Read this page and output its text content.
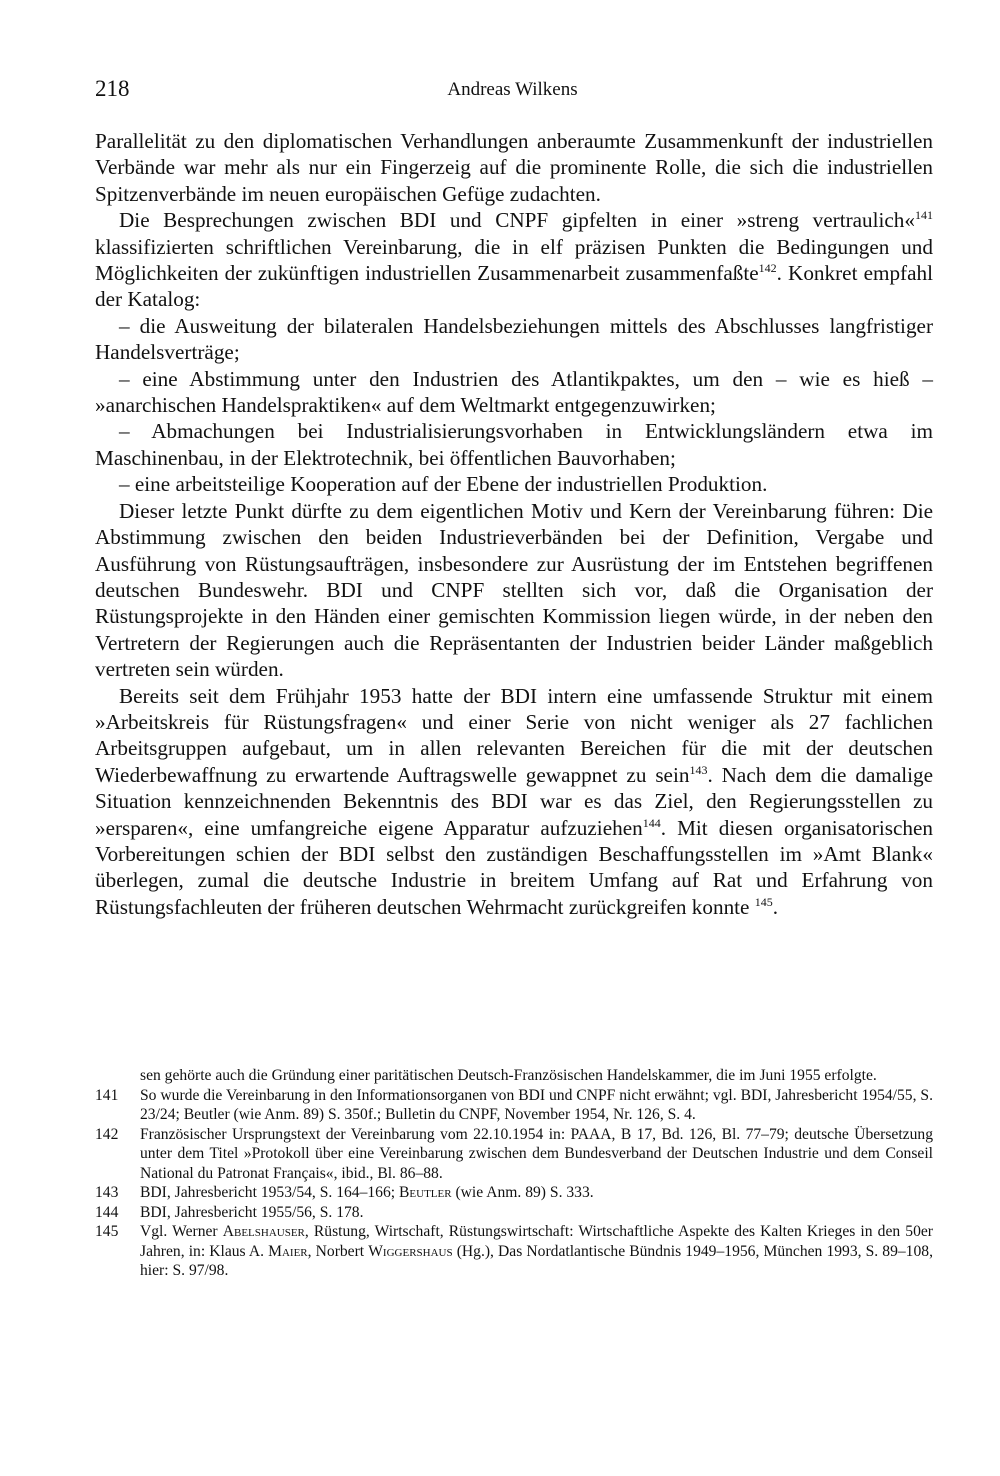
218	Andreas Wilkens

Parallelität zu den diplomatischen Verhandlungen anberaumte Zusammenkunft der industriellen Verbände war mehr als nur ein Fingerzeig auf die prominente Rolle, die sich die industriellen Spitzenverbände im neuen europäischen Gefüge zudachten.

Die Besprechungen zwischen BDI und CNPF gipfelten in einer »streng vertraulich«$^{141}$ klassifizierten schriftlichen Vereinbarung, die in elf präzisen Punkten die Bedingungen und Möglichkeiten der zukünftigen industriellen Zusammenarbeit zusammenfaßte$^{142}$. Konkret empfahl der Katalog:

– die Ausweitung der bilateralen Handelsbeziehungen mittels des Abschlusses langfristiger Handelsverträge;

– eine Abstimmung unter den Industrien des Atlantikpaktes, um den – wie es hieß – »anarchischen Handelspraktiken« auf dem Weltmarkt entgegenzuwirken;

– Abmachungen bei Industrialisierungsvorhaben in Entwicklungsländern etwa im Maschinenbau, in der Elektrotechnik, bei öffentlichen Bauvorhaben;

– eine arbeitsteilige Kooperation auf der Ebene der industriellen Produktion.

Dieser letzte Punkt dürfte zu dem eigentlichen Motiv und Kern der Vereinbarung führen: Die Abstimmung zwischen den beiden Industrieverbänden bei der Definition, Vergabe und Ausführung von Rüstungsaufträgen, insbesondere zur Ausrüstung der im Entstehen begriffenen deutschen Bundeswehr. BDI und CNPF stellten sich vor, daß die Organisation der Rüstungsprojekte in den Händen einer gemischten Kommission liegen würde, in der neben den Vertretern der Regierungen auch die Repräsentanten der Industrien beider Länder maßgeblich vertreten sein würden.

Bereits seit dem Frühjahr 1953 hatte der BDI intern eine umfassende Struktur mit einem »Arbeitskreis für Rüstungsfragen« und einer Serie von nicht weniger als 27 fachlichen Arbeitsgruppen aufgebaut, um in allen relevanten Bereichen für die mit der deutschen Wiederbewaffnung zu erwartende Auftragswelle gewappnet zu sein$^{143}$. Nach dem die damalige Situation kennzeichnenden Bekenntnis des BDI war es das Ziel, den Regierungsstellen zu »ersparen«, eine umfangreiche eigene Apparatur aufzuziehen$^{144}$. Mit diesen organisatorischen Vorbereitungen schien der BDI selbst den zuständigen Beschaffungsstellen im »Amt Blank« überlegen, zumal die deutsche Industrie in breitem Umfang auf Rat und Erfahrung von Rüstungsfachleuten der früheren deutschen Wehrmacht zurückgreifen konnte $^{145}$.

sen gehörte auch die Gründung einer paritätischen Deutsch-Französischen Handelskammer, die im Juni 1955 erfolgte.
141 So wurde die Vereinbarung in den Informationsorganen von BDI und CNPF nicht erwähnt; vgl. BDI, Jahresbericht 1954/55, S. 23/24; Beutler (wie Anm. 89) S. 350f.; Bulletin du CNPF, November 1954, Nr. 126, S. 4.
142 Französischer Ursprungstext der Vereinbarung vom 22.10.1954 in: PAAA, B 17, Bd. 126, Bl. 77–79; deutsche Übersetzung unter dem Titel »Protokoll über eine Vereinbarung zwischen dem Bundesverband der Deutschen Industrie und dem Conseil National du Patronat Français«, ibid., Bl. 86–88.
143 BDI, Jahresbericht 1953/54, S. 164–166; Beutler (wie Anm. 89) S. 333.
144 BDI, Jahresbericht 1955/56, S. 178.
145 Vgl. Werner Abelshauser, Rüstung, Wirtschaft, Rüstungswirtschaft: Wirtschaftliche Aspekte des Kalten Krieges in den 50er Jahren, in: Klaus A. Maier, Norbert Wiggershaus (Hg.), Das Nordatlantische Bündnis 1949–1956, München 1993, S. 89–108, hier: S. 97/98.
